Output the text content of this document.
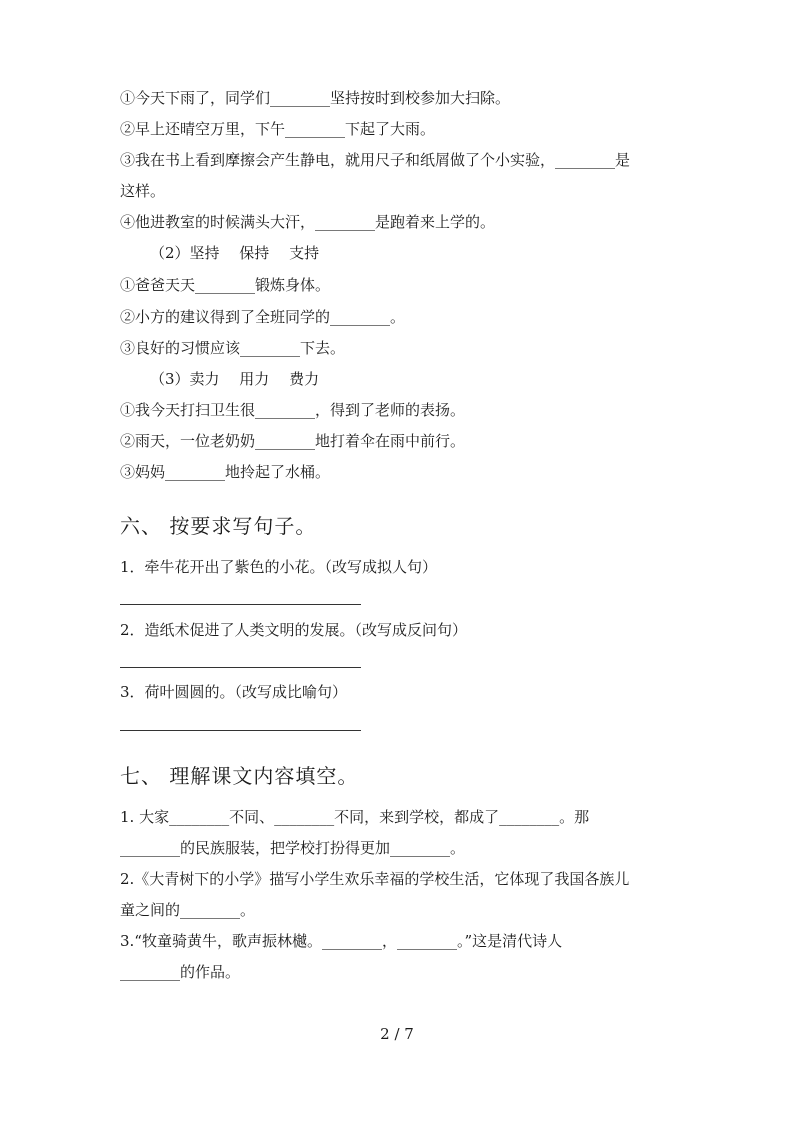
①今天下雨了，同学们________坚持按时到校参加大扫除。
②早上还晴空万里，下午________下起了大雨。
③我在书上看到摩擦会产生静电，就用尺子和纸屑做了个小实验，________是
这样。
④他进教室的时候满头大汗，________是跑着来上学的。
（2）坚持　 保持　 支持
①爸爸天天________锻炼身体。
②小方的建议得到了全班同学的________。
③良好的习惯应该________下去。
（3）卖力　 用力　 费力
①我今天打扫卫生很________，得到了老师的表扬。
②雨天，一位老奶奶________地打着伞在雨中前行。
③妈妈________地拎起了水桶。
六、 按要求写句子。
1．牵牛花开出了紫色的小花。（改写成拟人句）
2．造纸术促进了人类文明的发展。（改写成反问句）
3．荷叶圆圆的。（改写成比喻句）
七、 理解课文内容填空。
1. 大家________不同、________不同，来到学校，都成了________。那
________的民族服装，把学校打扮得更加________。
2.《大青树下的小学》描写小学生欢乐幸福的学校生活，它体现了我国各族儿
童之间的________。
3.“牧童骑黄牛，歌声振林樾。________，________。”这是清代诗人
________的作品。
2 / 7
